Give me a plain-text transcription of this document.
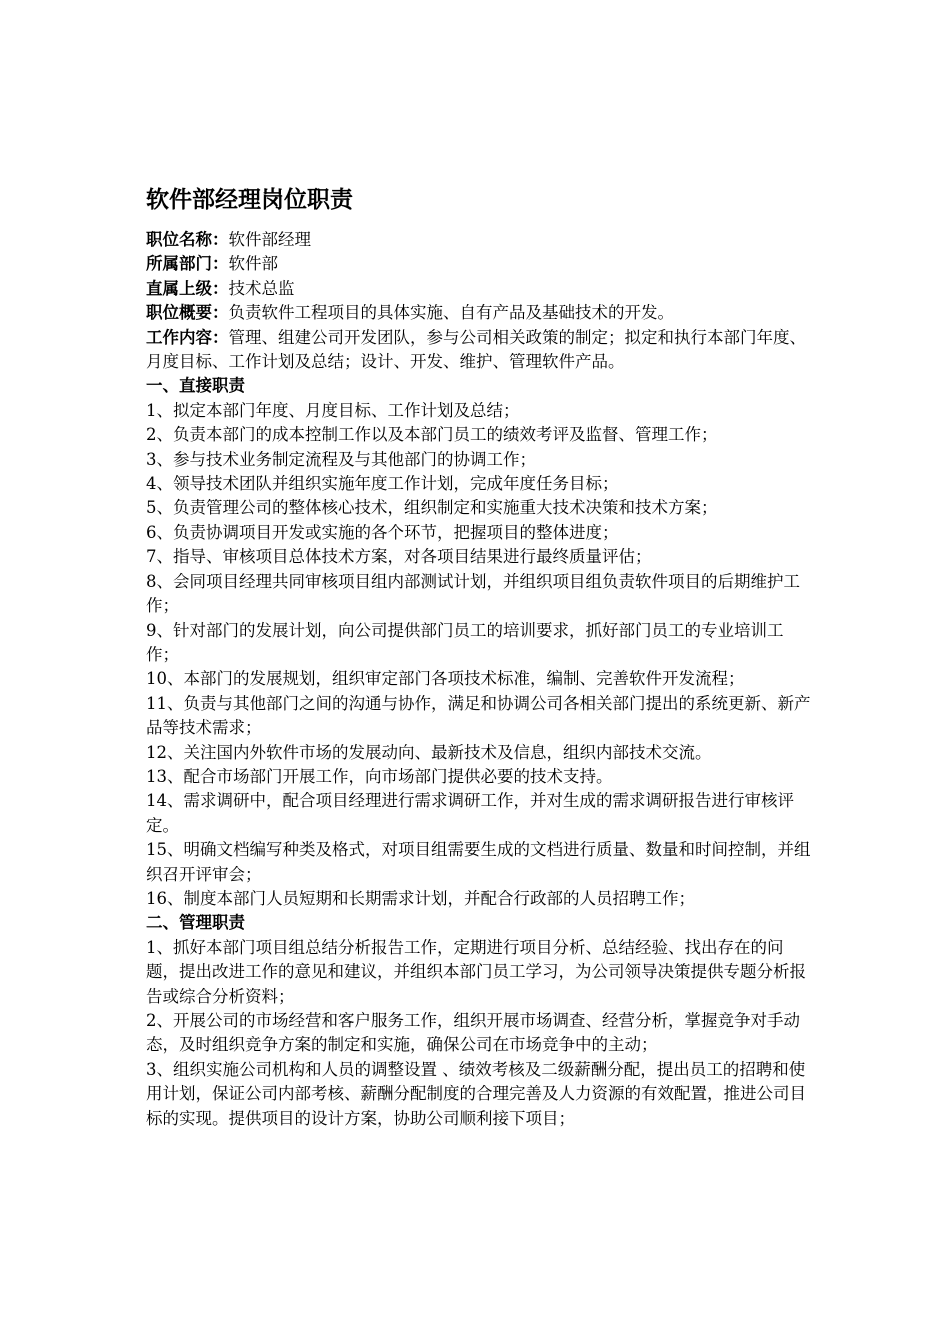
软件部经理岗位职责

职位名称：软件部经理

所属部门：软件部

直属上级：技术总监

职位概要：负责软件工程项目的具体实施、自有产品及基础技术的开发。

工作内容：管理、组建公司开发团队，参与公司相关政策的制定；拟定和执行本部门年度、月度目标、工作计划及总结；设计、开发、维护、管理软件产品。

一、直接职责

1、拟定本部门年度、月度目标、工作计划及总结；

2、负责本部门的成本控制工作以及本部门员工的绩效考评及监督、管理工作；

3、参与技术业务制定流程及与其他部门的协调工作；

4、领导技术团队并组织实施年度工作计划，完成年度任务目标；

5、负责管理公司的整体核心技术，组织制定和实施重大技术决策和技术方案；

6、负责协调项目开发或实施的各个环节，把握项目的整体进度；

7、指导、审核项目总体技术方案，对各项目结果进行最终质量评估；

8、会同项目经理共同审核项目组内部测试计划，并组织项目组负责软件项目的后期维护工作；

9、针对部门的发展计划，向公司提供部门员工的培训要求，抓好部门员工的专业培训工作；

10、本部门的发展规划，组织审定部门各项技术标准，编制、完善软件开发流程；

11、负责与其他部门之间的沟通与协作，满足和协调公司各相关部门提出的系统更新、新产品等技术需求；

12、关注国内外软件市场的发展动向、最新技术及信息，组织内部技术交流。

13、配合市场部门开展工作，向市场部门提供必要的技术支持。

14、需求调研中，配合项目经理进行需求调研工作，并对生成的需求调研报告进行审核评定。

15、明确文档编写种类及格式，对项目组需要生成的文档进行质量、数量和时间控制，并组织召开评审会；

16、制度本部门人员短期和长期需求计划，并配合行政部的人员招聘工作；

二、管理职责

1、抓好本部门项目组总结分析报告工作，定期进行项目分析、总结经验、找出存在的问题，提出改进工作的意见和建议，并组织本部门员工学习，为公司领导决策提供专题分析报告或综合分析资料；

2、开展公司的市场经营和客户服务工作，组织开展市场调查、经营分析，掌握竞争对手动态，及时组织竞争方案的制定和实施，确保公司在市场竞争中的主动；

3、组织实施公司机构和人员的调整设置 、绩效考核及二级薪酬分配，提出员工的招聘和使用计划，保证公司内部考核、薪酬分配制度的合理完善及人力资源的有效配置，推进公司目标的实现。提供项目的设计方案，协助公司顺利接下项目；
